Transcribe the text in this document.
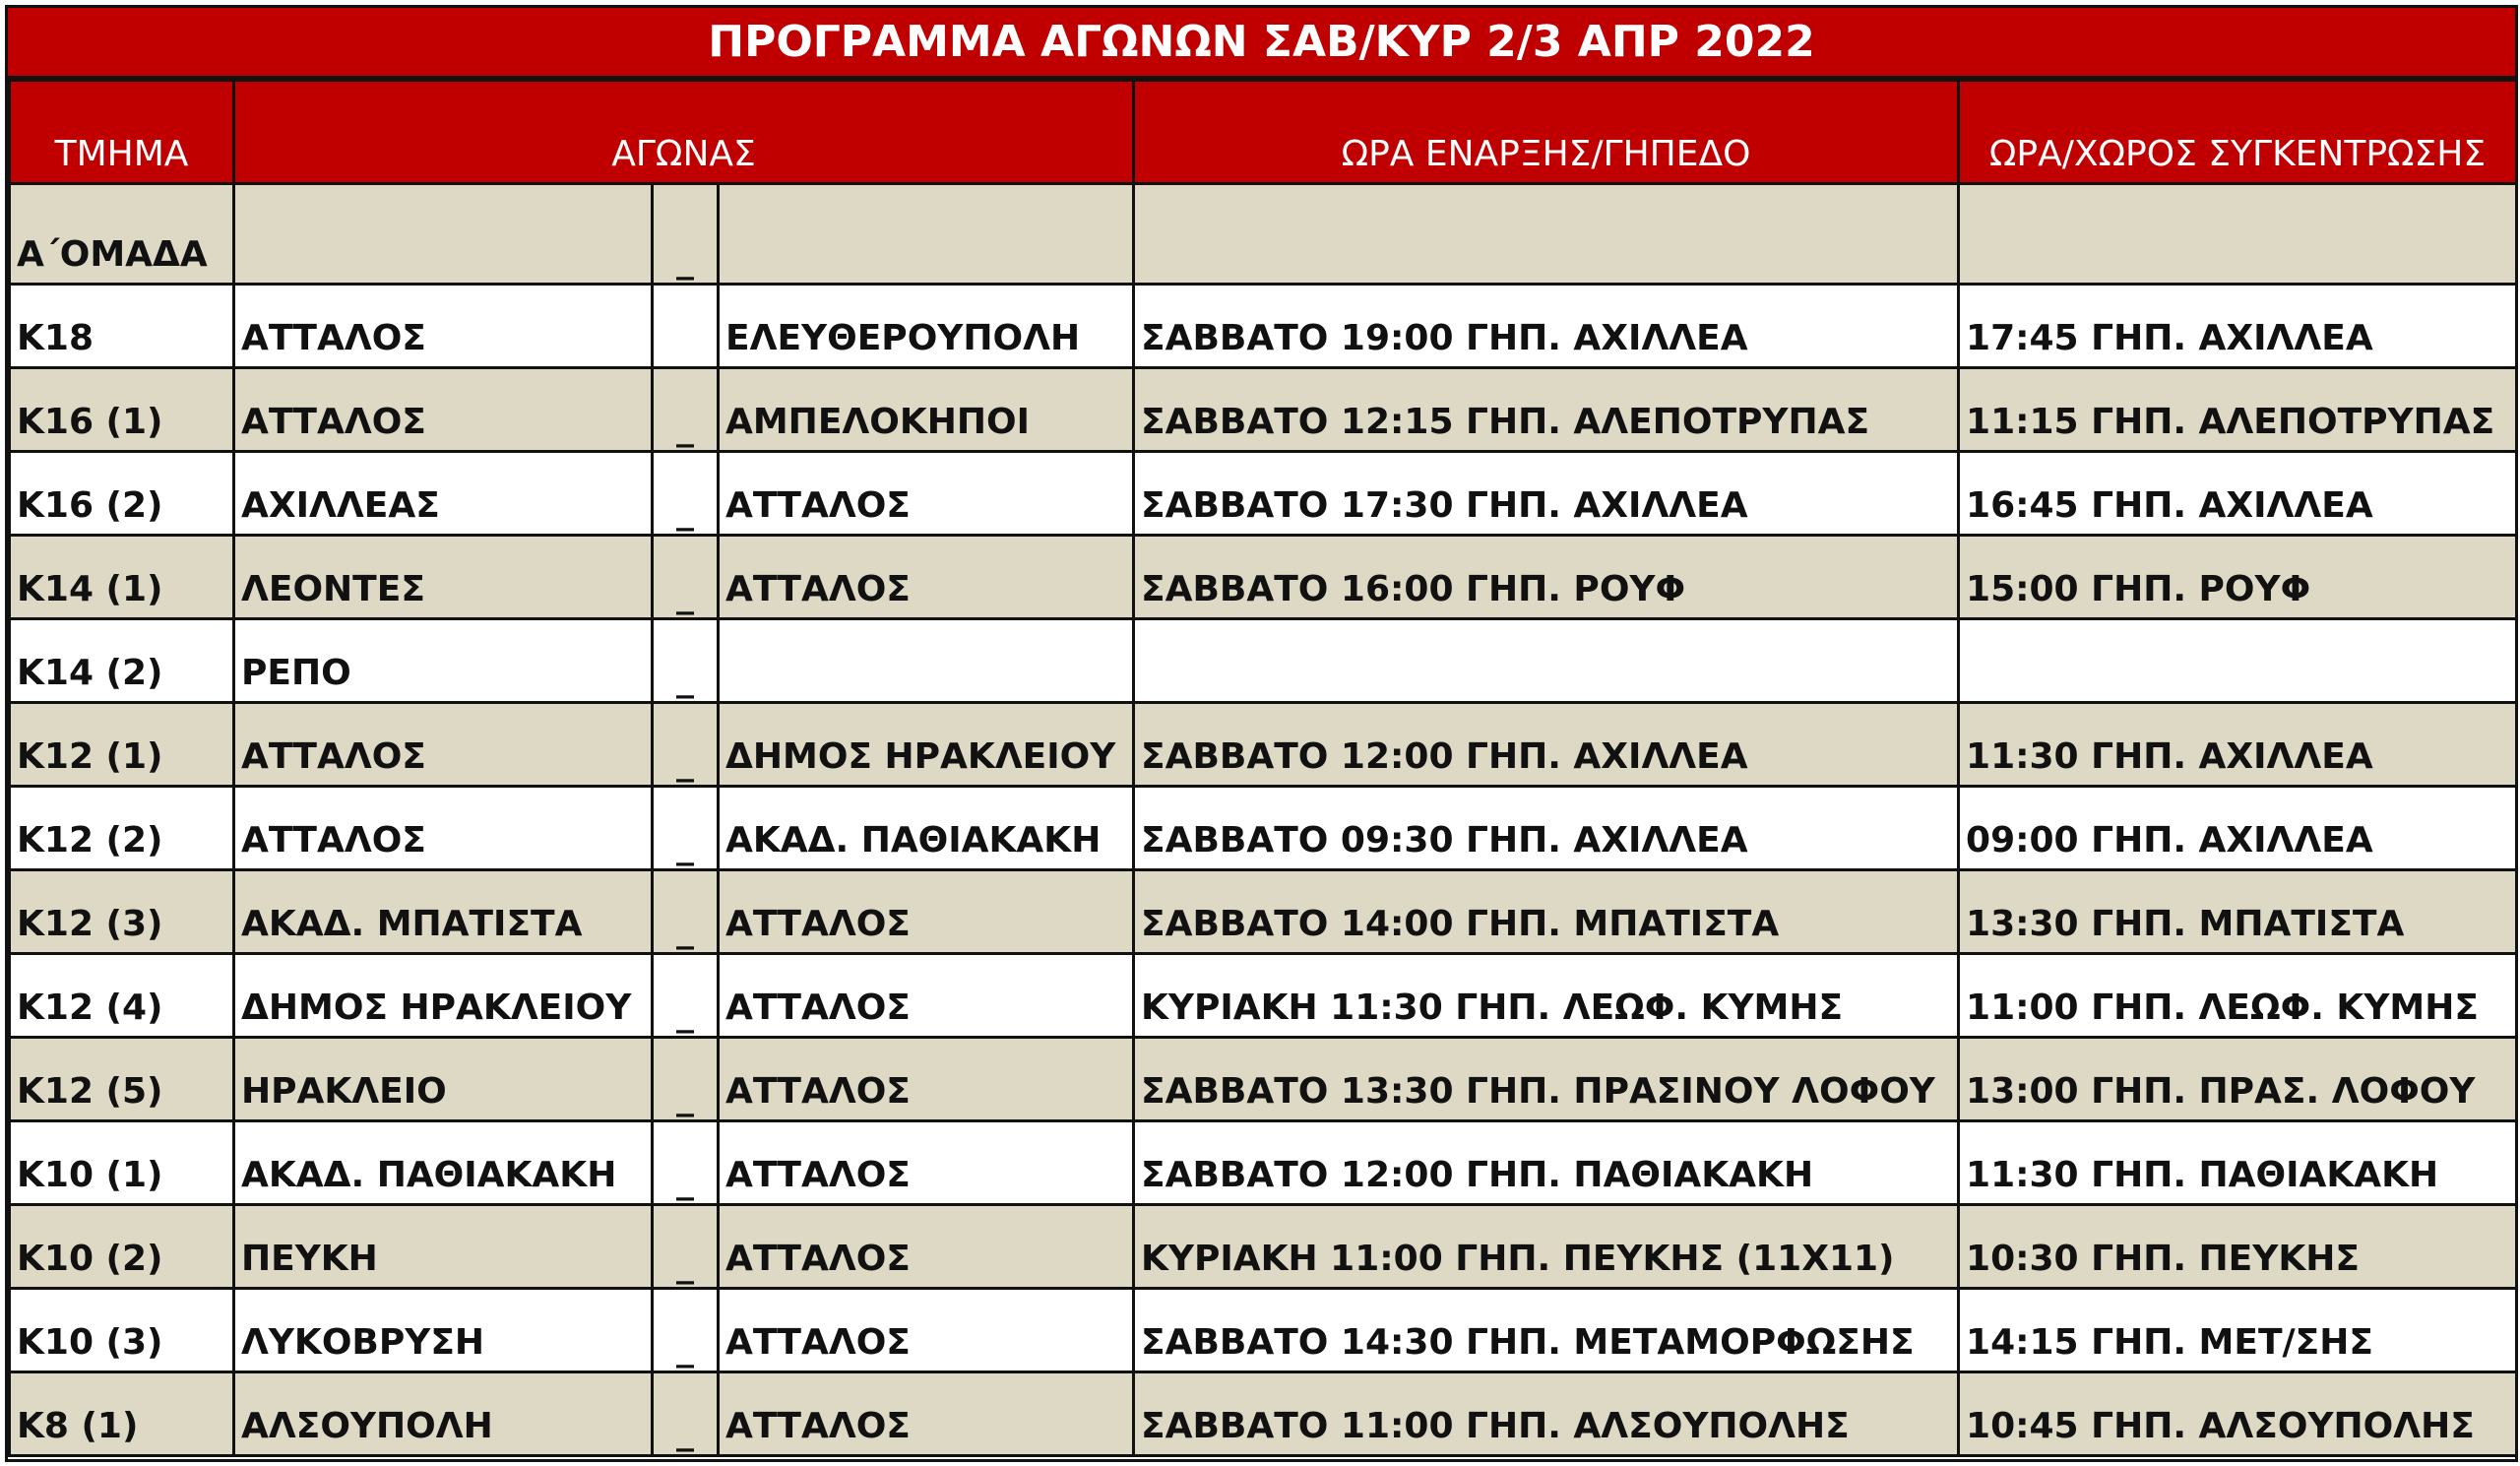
ΠΡΟΓΡΑΜΜΑ ΑΓΩΝΩΝ ΣΑΒ/ΚΥΡ 2/3 ΑΠΡ 2022
ΤΜΗΜΑ	ΑΓΩΝΑΣ			ΩΡΑ ΕΝΑΡΞΗΣ/ΓΗΠΕΔΟ	ΩΡΑ/ΧΩΡΟΣ ΣΥΓΚΕΝΤΡΩΣΗΣ
Α΄ΟΜΑΔΑ		_			

Κ18	ΑΤΤΑΛΟΣ		ΕΛΕΥΘΕΡΟΥΠΟΛΗ	ΣΑΒΒΑΤΟ 19:00 ΓΗΠ. ΑΧΙΛΛΕΑ	17:45 ΓΗΠ. ΑΧΙΛΛΕΑ
Κ16 (1)	ΑΤΤΑΛΟΣ	_	ΑΜΠΕΛΟΚΗΠΟΙ	ΣΑΒΒΑΤΟ 12:15 ΓΗΠ. ΑΛΕΠΟΤΡΥΠΑΣ	11:15 ΓΗΠ. ΑΛΕΠΟΤΡΥΠΑΣ
Κ16 (2)	ΑΧΙΛΛΕΑΣ	_	ΑΤΤΑΛΟΣ	ΣΑΒΒΑΤΟ 17:30 ΓΗΠ. ΑΧΙΛΛΕΑ	16:45 ΓΗΠ. ΑΧΙΛΛΕΑ
Κ14 (1)	ΛΕΟΝΤΕΣ	_	ΑΤΤΑΛΟΣ	ΣΑΒΒΑΤΟ 16:00 ΓΗΠ. ΡΟΥΦ	15:00 ΓΗΠ. ΡΟΥΦ
Κ14 (2)	ΡΕΠΟ	_			

Κ12 (1)	ΑΤΤΑΛΟΣ	_	ΔΗΜΟΣ ΗΡΑΚΛΕΙΟΥ	ΣΑΒΒΑΤΟ 12:00 ΓΗΠ. ΑΧΙΛΛΕΑ	11:30 ΓΗΠ. ΑΧΙΛΛΕΑ
Κ12 (2)	ΑΤΤΑΛΟΣ	_	ΑΚΑΔ. ΠΑΘΙΑΚΑΚΗ	ΣΑΒΒΑΤΟ 09:30 ΓΗΠ. ΑΧΙΛΛΕΑ	09:00 ΓΗΠ. ΑΧΙΛΛΕΑ
Κ12 (3)	ΑΚΑΔ. ΜΠΑΤΙΣΤΑ	_	ΑΤΤΑΛΟΣ	ΣΑΒΒΑΤΟ 14:00 ΓΗΠ. ΜΠΑΤΙΣΤΑ	13:30 ΓΗΠ. ΜΠΑΤΙΣΤΑ
Κ12 (4)	ΔΗΜΟΣ ΗΡΑΚΛΕΙΟΥ	_	ΑΤΤΑΛΟΣ	ΚΥΡΙΑΚΗ 11:30 ΓΗΠ. ΛΕΩΦ. ΚΥΜΗΣ	11:00 ΓΗΠ. ΛΕΩΦ. ΚΥΜΗΣ
Κ12 (5)	ΗΡΑΚΛΕΙΟ	_	ΑΤΤΑΛΟΣ	ΣΑΒΒΑΤΟ 13:30 ΓΗΠ. ΠΡΑΣΙΝΟΥ ΛΟΦΟΥ	13:00 ΓΗΠ. ΠΡΑΣ. ΛΟΦΟΥ
Κ10 (1)	ΑΚΑΔ. ΠΑΘΙΑΚΑΚΗ	_	ΑΤΤΑΛΟΣ	ΣΑΒΒΑΤΟ 12:00 ΓΗΠ. ΠΑΘΙΑΚΑΚΗ	11:30 ΓΗΠ. ΠΑΘΙΑΚΑΚΗ
Κ10 (2)	ΠΕΥΚΗ	_	ΑΤΤΑΛΟΣ	ΚΥΡΙΑΚΗ 11:00 ΓΗΠ. ΠΕΥΚΗΣ (11Χ11)	10:30 ΓΗΠ. ΠΕΥΚΗΣ
Κ10 (3)	ΛΥΚΟΒΡΥΣΗ	_	ΑΤΤΑΛΟΣ	ΣΑΒΒΑΤΟ 14:30 ΓΗΠ. ΜΕΤΑΜΟΡΦΩΣΗΣ	14:15 ΓΗΠ. ΜΕΤ/ΣΗΣ
Κ8 (1)	ΑΛΣΟΥΠΟΛΗ	_	ΑΤΤΑΛΟΣ	ΣΑΒΒΑΤΟ 11:00 ΓΗΠ. ΑΛΣΟΥΠΟΛΗΣ	10:45 ΓΗΠ. ΑΛΣΟΥΠΟΛΗΣ
